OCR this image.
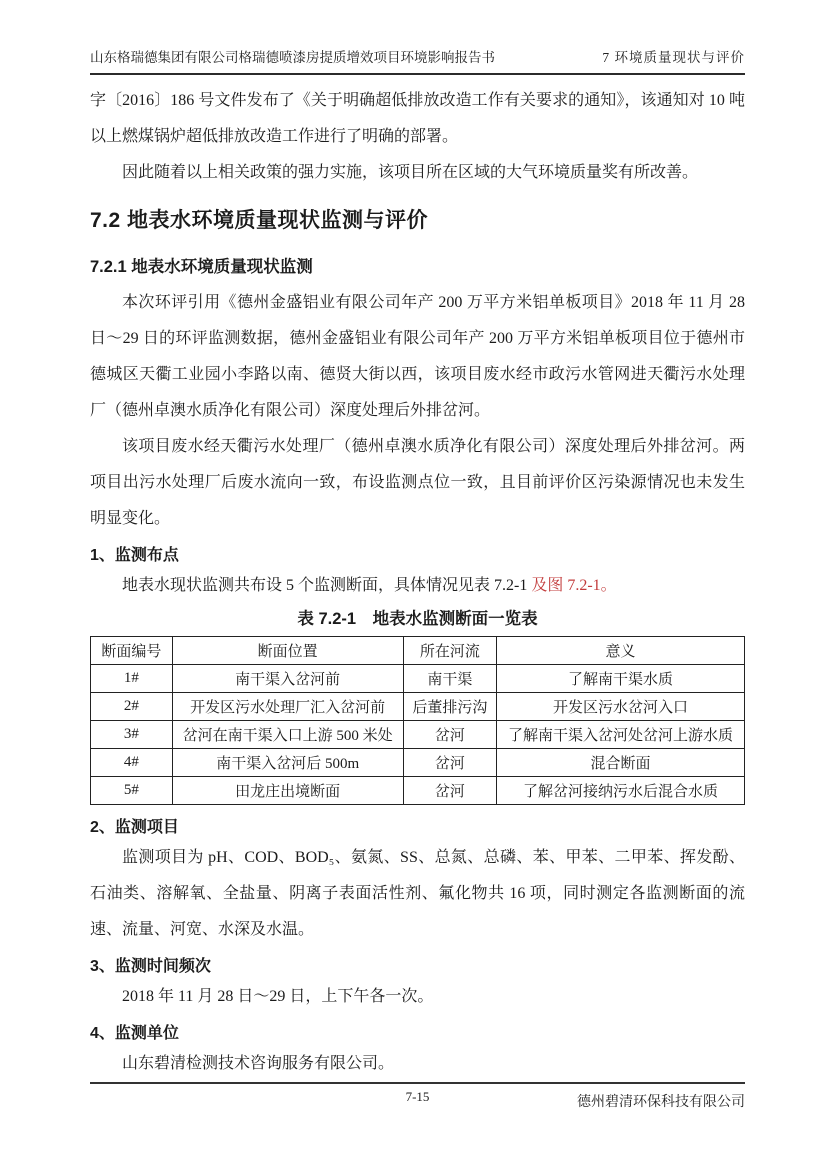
山东格瑞德集团有限公司格瑞德喷漆房提质增效项目环境影响报告书	7 环境质量现状与评价

字〔2016〕186 号文件发布了《关于明确超低排放改造工作有关要求的通知》，该通知对 10 吨以上燃煤锅炉超低排放改造工作进行了明确的部署。

因此随着以上相关政策的强力实施，该项目所在区域的大气环境质量奖有所改善。

7.2 地表水环境质量现状监测与评价
7.2.1 地表水环境质量现状监测

本次环评引用《德州金盛铝业有限公司年产 200 万平方米铝单板项目》2018 年 11 月 28 日～29 日的环评监测数据，德州金盛铝业有限公司年产 200 万平方米铝单板项目位于德州市德城区天衢工业园小李路以南、德贤大街以西，该项目废水经市政污水管网进天衢污水处理厂（德州卓澳水质净化有限公司）深度处理后外排岔河。

该项目废水经天衢污水处理厂（德州卓澳水质净化有限公司）深度处理后外排岔河。两项目出污水处理厂后废水流向一致，布设监测点位一致，且目前评价区污染源情况也未发生明显变化。

1、监测布点

地表水现状监测共布设 5 个监测断面，具体情况见表 7.2-1 及图 7.2-1。

表 7.2-1　地表水监测断面一览表
断面编号	断面位置	所在河流	意义
1#	南干渠入岔河前	南干渠	了解南干渠水质
2#	开发区污水处理厂汇入岔河前	后董排污沟	开发区污水岔河入口
3#	岔河在南干渠入口上游 500 米处	岔河	了解南干渠入岔河处岔河上游水质
4#	南干渠入岔河后 500m	岔河	混合断面
5#	田龙庄出境断面	岔河	了解岔河接纳污水后混合水质
2、监测项目

监测项目为 pH、COD、BOD₅、氨氮、SS、总氮、总磷、苯、甲苯、二甲苯、挥发酚、石油类、溶解氧、全盐量、阴离子表面活性剂、氟化物共 16 项，同时测定各监测断面的流速、流量、河宽、水深及水温。

3、监测时间频次

2018 年 11 月 28 日～29 日，上下午各一次。

4、监测单位

山东碧清检测技术咨询服务有限公司。

7-15	德州碧清环保科技有限公司
